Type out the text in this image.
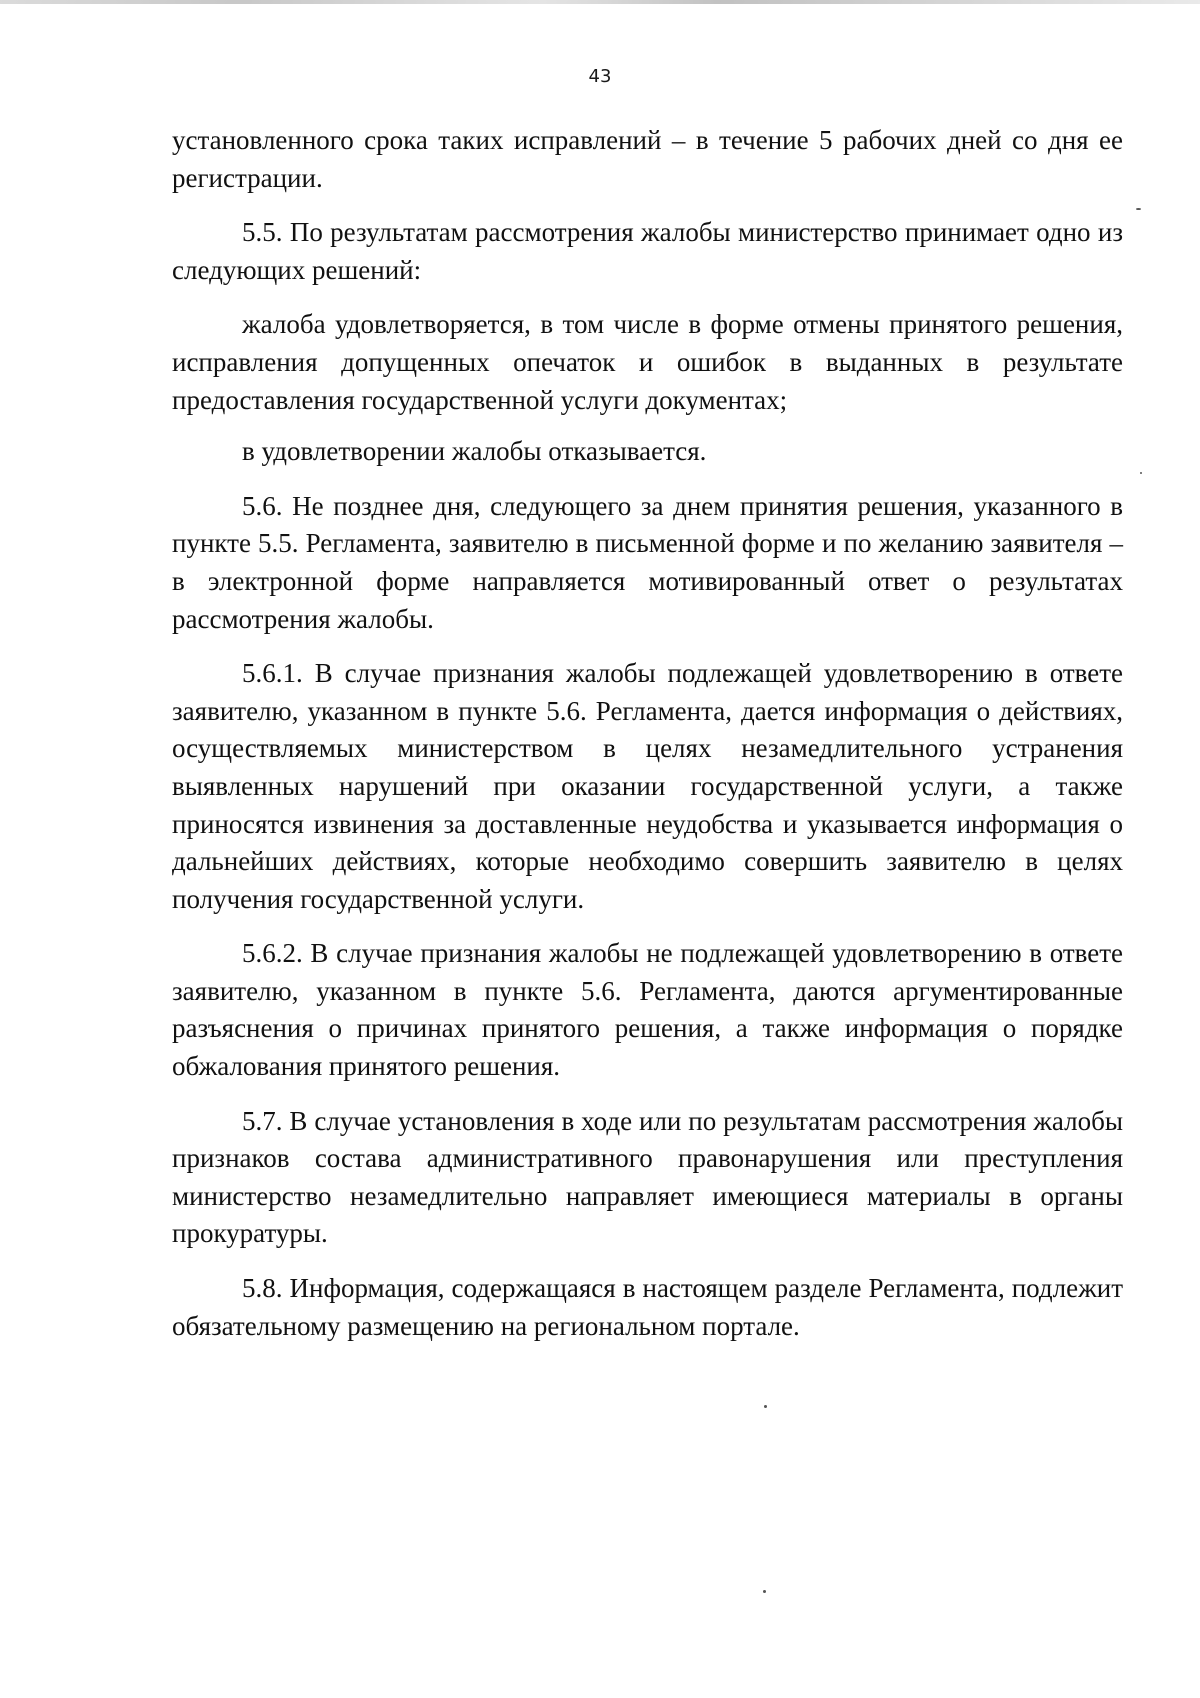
43

установленного срока таких исправлений – в течение 5 рабочих дней со дня ее регистрации.

5.5. По результатам рассмотрения жалобы министерство принимает одно из следующих решений:

жалоба удовлетворяется, в том числе в форме отмены принятого решения, исправления допущенных опечаток и ошибок в выданных в результате предоставления государственной услуги документах;

в удовлетворении жалобы отказывается.

5.6. Не позднее дня, следующего за днем принятия решения, указанного в пункте 5.5. Регламента, заявителю в письменной форме и по желанию заявителя – в электронной форме направляется мотивированный ответ о результатах рассмотрения жалобы.

5.6.1. В случае признания жалобы подлежащей удовлетворению в ответе заявителю, указанном в пункте 5.6. Регламента, дается информация о действиях, осуществляемых министерством в целях незамедлительного устранения выявленных нарушений при оказании государственной услуги, а также приносятся извинения за доставленные неудобства и указывается информация о дальнейших действиях, которые необходимо совершить заявителю в целях получения государственной услуги.

5.6.2. В случае признания жалобы не подлежащей удовлетворению в ответе заявителю, указанном в пункте 5.6. Регламента, даются аргументированные разъяснения о причинах принятого решения, а также информация о порядке обжалования принятого решения.

5.7. В случае установления в ходе или по результатам рассмотрения жалобы признаков состава административного правонарушения или преступления министерство незамедлительно направляет имеющиеся материалы в органы прокуратуры.

5.8. Информация, содержащаяся в настоящем разделе Регламента, подлежит обязательному размещению на региональном портале.
